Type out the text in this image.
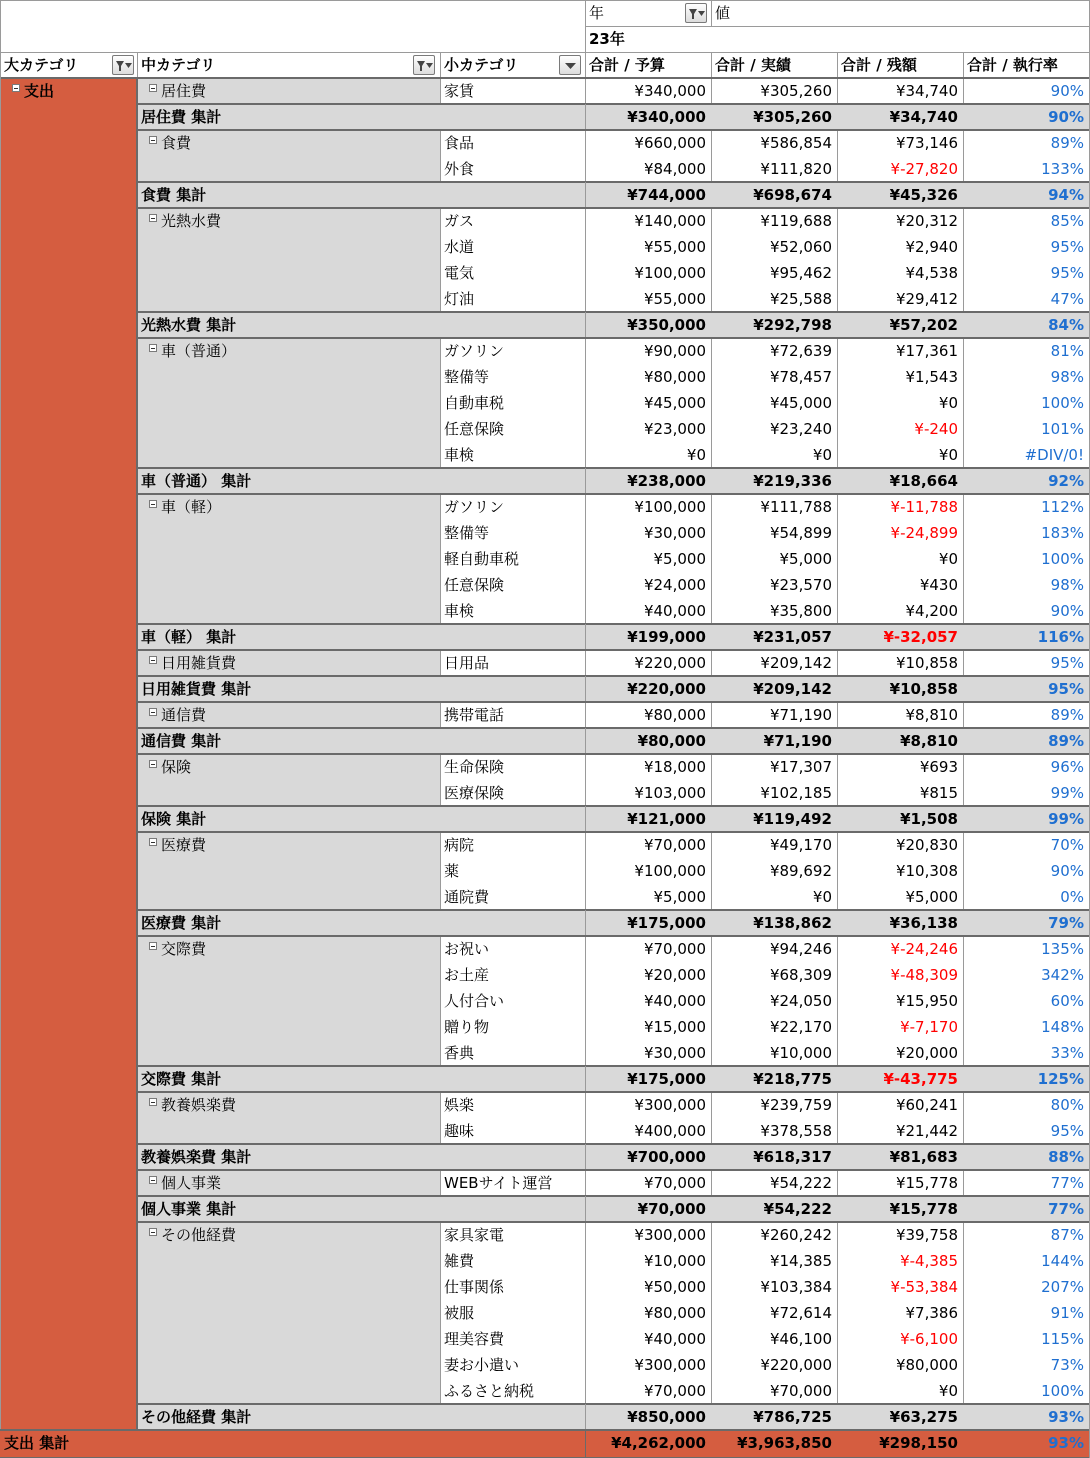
年	値
23年
大カテゴリ	中カテゴリ	小カテゴリ	合計 / 予算	合計 / 実績	合計 / 残額	合計 / 執行率
居住費	家賃	¥340,000	¥305,260	¥34,740	90%
居住費 集計	¥340,000	¥305,260	¥34,740	90%
食費	食品	¥660,000	¥586,854	¥73,146	89%
外食	¥84,000	¥111,820	¥-27,820	133%
食費 集計	¥744,000	¥698,674	¥45,326	94%
光熱水費	ガス	¥140,000	¥119,688	¥20,312	85%
水道	¥55,000	¥52,060	¥2,940	95%
電気	¥100,000	¥95,462	¥4,538	95%
灯油	¥55,000	¥25,588	¥29,412	47%
光熱水費 集計	¥350,000	¥292,798	¥57,202	84%
車（普通）	ガソリン	¥90,000	¥72,639	¥17,361	81%
整備等	¥80,000	¥78,457	¥1,543	98%
自動車税	¥45,000	¥45,000	¥0	100%
任意保険	¥23,000	¥23,240	¥-240	101%
車検	¥0	¥0	¥0	#DIV/0!
車（普通） 集計	¥238,000	¥219,336	¥18,664	92%
車（軽）	ガソリン	¥100,000	¥111,788	¥-11,788	112%
整備等	¥30,000	¥54,899	¥-24,899	183%
軽自動車税	¥5,000	¥5,000	¥0	100%
任意保険	¥24,000	¥23,570	¥430	98%
車検	¥40,000	¥35,800	¥4,200	90%
車（軽） 集計	¥199,000	¥231,057	¥-32,057	116%
日用雑貨費	日用品	¥220,000	¥209,142	¥10,858	95%
日用雑貨費 集計	¥220,000	¥209,142	¥10,858	95%
通信費	携帯電話	¥80,000	¥71,190	¥8,810	89%
通信費 集計	¥80,000	¥71,190	¥8,810	89%
保険	生命保険	¥18,000	¥17,307	¥693	96%
医療保険	¥103,000	¥102,185	¥815	99%
保険 集計	¥121,000	¥119,492	¥1,508	99%
医療費	病院	¥70,000	¥49,170	¥20,830	70%
薬	¥100,000	¥89,692	¥10,308	90%
通院費	¥5,000	¥0	¥5,000	0%
医療費 集計	¥175,000	¥138,862	¥36,138	79%
交際費	お祝い	¥70,000	¥94,246	¥-24,246	135%
お土産	¥20,000	¥68,309	¥-48,309	342%
人付合い	¥40,000	¥24,050	¥15,950	60%
贈り物	¥15,000	¥22,170	¥-7,170	148%
香典	¥30,000	¥10,000	¥20,000	33%
交際費 集計	¥175,000	¥218,775	¥-43,775	125%
教養娯楽費	娯楽	¥300,000	¥239,759	¥60,241	80%
趣味	¥400,000	¥378,558	¥21,442	95%
教養娯楽費 集計	¥700,000	¥618,317	¥81,683	88%
個人事業	WEBサイト運営	¥70,000	¥54,222	¥15,778	77%
個人事業 集計	¥70,000	¥54,222	¥15,778	77%
その他経費	家具家電	¥300,000	¥260,242	¥39,758	87%
雑費	¥10,000	¥14,385	¥-4,385	144%
仕事関係	¥50,000	¥103,384	¥-53,384	207%
被服	¥80,000	¥72,614	¥7,386	91%
理美容費	¥40,000	¥46,100	¥-6,100	115%
妻お小遣い	¥300,000	¥220,000	¥80,000	73%
ふるさと納税	¥70,000	¥70,000	¥0	100%
その他経費 集計	¥850,000	¥786,725	¥63,275	93%
支出
支出 集計	¥4,262,000	¥3,963,850	¥298,150	93%
